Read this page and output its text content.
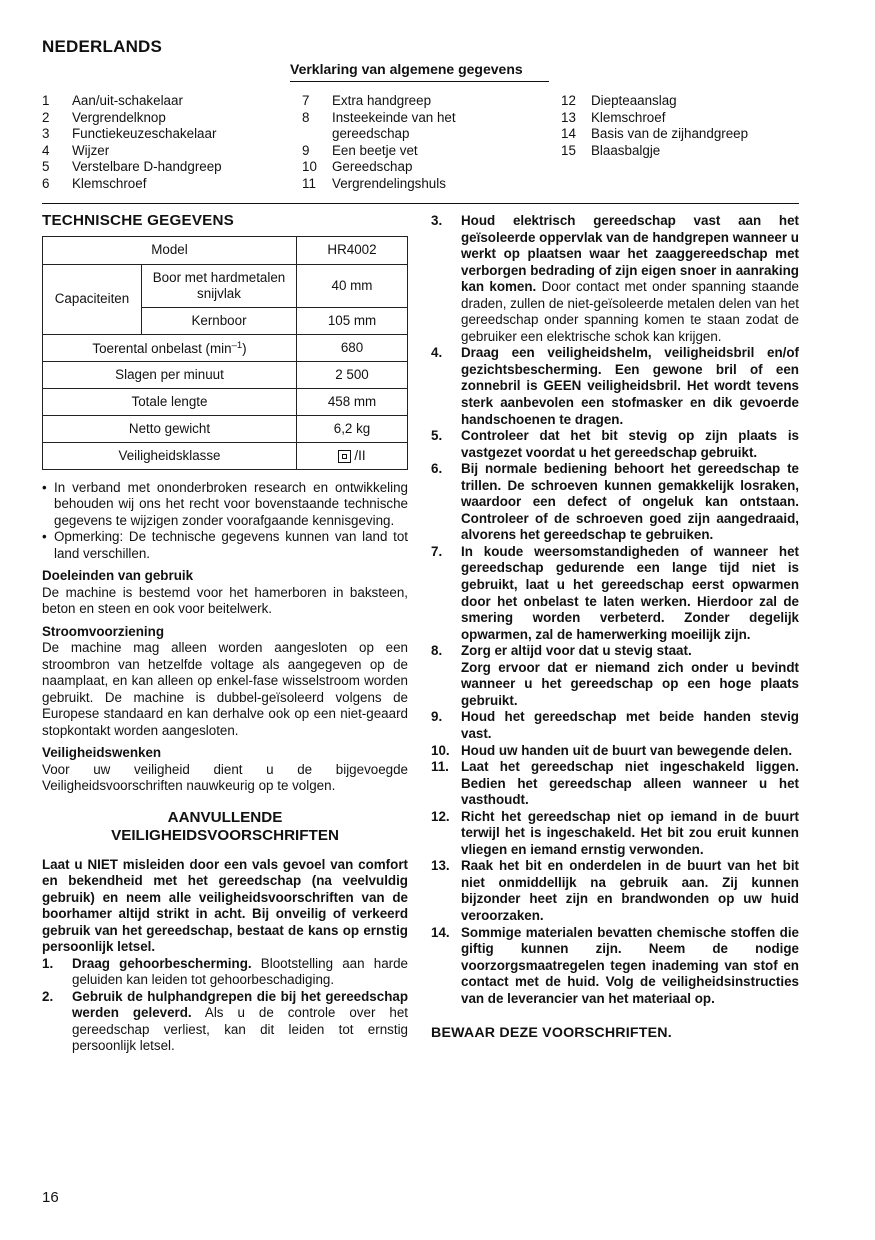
NEDERLANDS
Verklaring van algemene gegevens
1	Aan/uit-schakelaar
2	Vergrendelknop
3	Functiekeuzeschakelaar
4	Wijzer
5	Verstelbare D-handgreep
6	Klemschroef
7	Extra handgreep
8	Insteekeinde van het gereedschap
9	Een beetje vet
10	Gereedschap
11	Vergrendelingshuls
12	Diepteaanslag
13	Klemschroef
14	Basis van de zijhandgreep
15	Blaasbalgje
TECHNISCHE GEGEVENS
Model		HR4002
Capaciteiten	Boor met hardmetalen snijvlak	40 mm
	Kernboor	105 mm
Toerental onbelast $(\min^{-1})$		680
Slagen per minuut		2 500
Totale lengte		458 mm
Netto gewicht		6,2 kg
Veiligheidsklasse		/II
• In verband met ononderbroken research en ontwikkeling behouden wij ons het recht voor bovenstaande technische gegevens te wijzigen zonder voorafgaande kennisgeving.
• Opmerking: De technische gegevens kunnen van land tot land verschillen.
Doeleinden van gebruik
De machine is bestemd voor het hamerboren in baksteen, beton en steen en ook voor beitelwerk.
Stroomvoorziening
De machine mag alleen worden aangesloten op een stroombron van hetzelfde voltage als aangegeven op de naamplaat, en kan alleen op enkel-fase wisselstroom worden gebruikt. De machine is dubbel-geïsoleerd volgens de Europese standaard en kan derhalve ook op een niet-geaard stopkontakt worden aangesloten.
Veiligheidswenken
Voor uw veiligheid dient u de bijgevoegde Veiligheidsvoorschriften nauwkeurig op te volgen.
AANVULLENDE
VEILIGHEIDSVOORSCHRIFTEN
Laat u NIET misleiden door een vals gevoel van comfort en bekendheid met het gereedschap (na veelvuldig gebruik) en neem alle veiligheidsvoorschriften van de boorhamer altijd strikt in acht. Bij onveilig of verkeerd gebruik van het gereedschap, bestaat de kans op ernstig persoonlijk letsel.
1.	Draag gehoorbescherming. Blootstelling aan harde geluiden kan leiden tot gehoorbeschadiging.
2.	Gebruik de hulphandgrepen die bij het gereedschap werden geleverd. Als u de controle over het gereedschap verliest, kan dit leiden tot ernstig persoonlijk letsel.
3.	Houd elektrisch gereedschap vast aan het geïsoleerde oppervlak van de handgrepen wanneer u werkt op plaatsen waar het zaaggereedschap met verborgen bedrading of zijn eigen snoer in aanraking kan komen. Door contact met onder spanning staande draden, zullen de niet-geïsoleerde metalen delen van het gereedschap onder spanning komen te staan zodat de gebruiker een elektrische schok kan krijgen.
4.	Draag een veiligheidshelm, veiligheidsbril en/of gezichtsbescherming. Een gewone bril of een zonnebril is GEEN veiligheidsbril. Het wordt tevens sterk aanbevolen een stofmasker en dik gevoerde handschoenen te dragen.
5.	Controleer dat het bit stevig op zijn plaats is vastgezet voordat u het gereedschap gebruikt.
6.	Bij normale bediening behoort het gereedschap te trillen. De schroeven kunnen gemakkelijk losraken, waardoor een defect of ongeluk kan ontstaan. Controleer of de schroeven goed zijn aangedraaid, alvorens het gereedschap te gebruiken.
7.	In koude weersomstandigheden of wanneer het gereedschap gedurende een lange tijd niet is gebruikt, laat u het gereedschap eerst opwarmen door het onbelast te laten werken. Hierdoor zal de smering worden verbeterd. Zonder degelijk opwarmen, zal de hamerwerking moeilijk zijn.
8.	Zorg er altijd voor dat u stevig staat.
Zorg ervoor dat er niemand zich onder u bevindt wanneer u het gereedschap op een hoge plaats gebruikt.
9.	Houd het gereedschap met beide handen stevig vast.
10. Houd uw handen uit de buurt van bewegende delen.
11. Laat het gereedschap niet ingeschakeld liggen. Bedien het gereedschap alleen wanneer u het vasthoudt.
12. Richt het gereedschap niet op iemand in de buurt terwijl het is ingeschakeld. Het bit zou eruit kunnen vliegen en iemand ernstig verwonden.
13. Raak het bit en onderdelen in de buurt van het bit niet onmiddellijk na gebruik aan. Zij kunnen bijzonder heet zijn en brandwonden op uw huid veroorzaken.
14. Sommige materialen bevatten chemische stoffen die giftig kunnen zijn. Neem de nodige voorzorgsmaatregelen tegen inademing van stof en contact met de huid. Volg de veiligheidsinstructies van de leverancier van het materiaal op.
BEWAAR DEZE VOORSCHRIFTEN.
16
